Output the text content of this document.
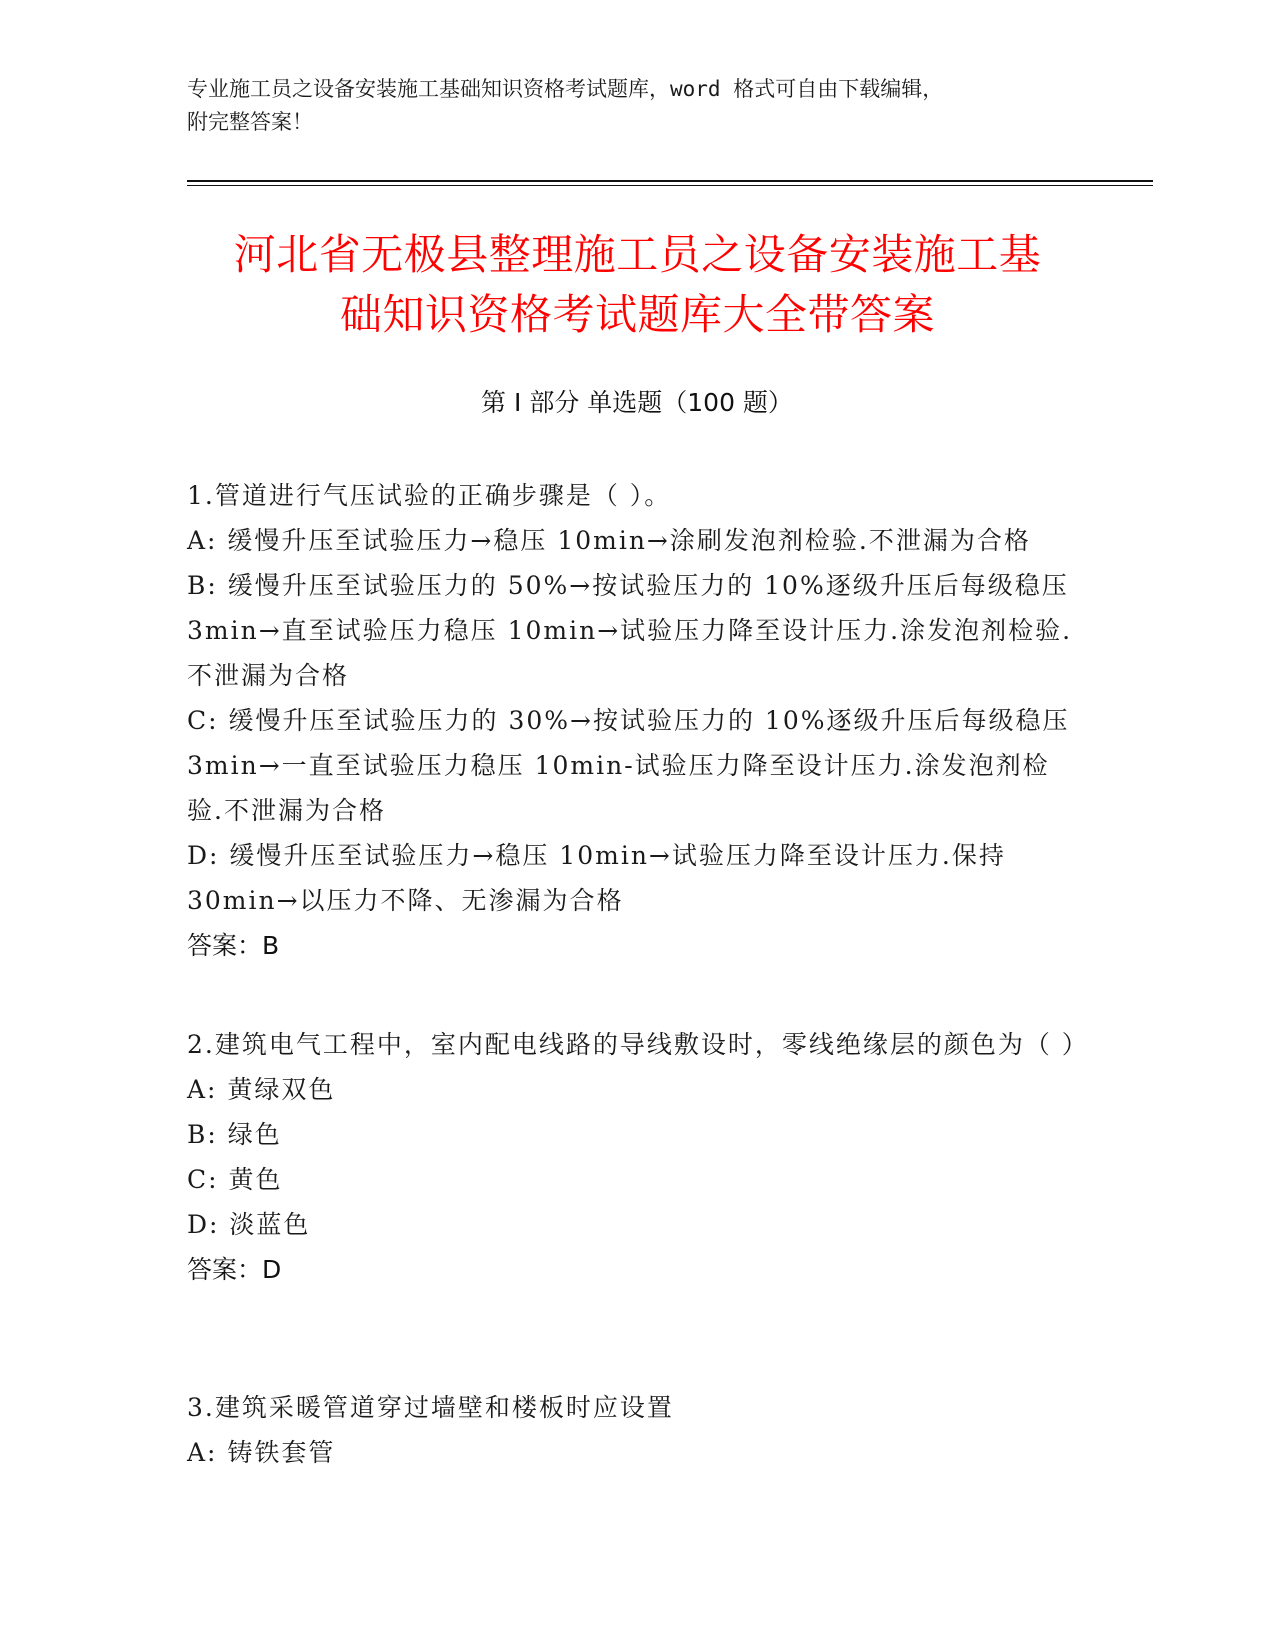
专业施工员之设备安装施工基础知识资格考试题库，word 格式可自由下载编辑，
附完整答案！
河北省无极县整理施工员之设备安装施工基
础知识资格考试题库大全带答案
第 I 部分 单选题（100 题）
1.管道进行气压试验的正确步骤是（ ）。
A: 缓慢升压至试验压力→稳压 10min→涂刷发泡剂检验.不泄漏为合格
B: 缓慢升压至试验压力的 50%→按试验压力的 10%逐级升压后每级稳压 3min→直至试验压力稳压 10min→试验压力降至设计压力.涂发泡剂检验.不泄漏为合格
C: 缓慢升压至试验压力的 30%→按试验压力的 10%逐级升压后每级稳压 3min→一直至试验压力稳压 10min-试验压力降至设计压力.涂发泡剂检验.不泄漏为合格
D: 缓慢升压至试验压力→稳压 10min→试验压力降至设计压力.保持 30min→以压力不降、无渗漏为合格
答案：B
2.建筑电气工程中，室内配电线路的导线敷设时，零线绝缘层的颜色为（ ）
A: 黄绿双色
B: 绿色
C: 黄色
D: 淡蓝色
答案：D
3.建筑采暖管道穿过墙壁和楼板时应设置
A: 铸铁套管
